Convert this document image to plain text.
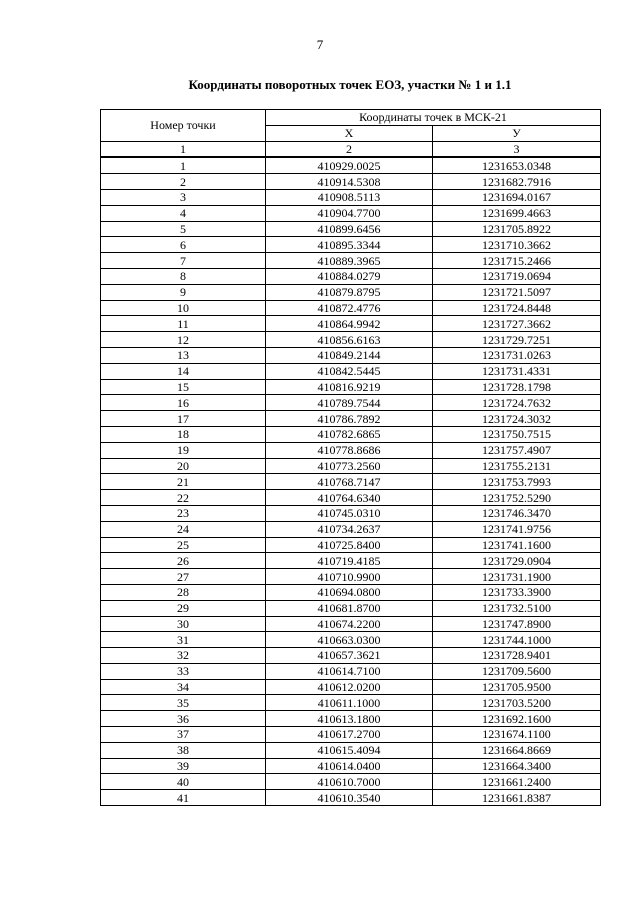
7
Координаты поворотных точек ЕОЗ, участки № 1 и 1.1
Номер точки	Координаты точек в МСК-21	
	X	У
1	2	3
1	410929.0025	1231653.0348
2	410914.5308	1231682.7916
3	410908.5113	1231694.0167
4	410904.7700	1231699.4663
5	410899.6456	1231705.8922
6	410895.3344	1231710.3662
7	410889.3965	1231715.2466
8	410884.0279	1231719.0694
9	410879.8795	1231721.5097
10	410872.4776	1231724.8448
11	410864.9942	1231727.3662
12	410856.6163	1231729.7251
13	410849.2144	1231731.0263
14	410842.5445	1231731.4331
15	410816.9219	1231728.1798
16	410789.7544	1231724.7632
17	410786.7892	1231724.3032
18	410782.6865	1231750.7515
19	410778.8686	1231757.4907
20	410773.2560	1231755.2131
21	410768.7147	1231753.7993
22	410764.6340	1231752.5290
23	410745.0310	1231746.3470
24	410734.2637	1231741.9756
25	410725.8400	1231741.1600
26	410719.4185	1231729.0904
27	410710.9900	1231731.1900
28	410694.0800	1231733.3900
29	410681.8700	1231732.5100
30	410674.2200	1231747.8900
31	410663.0300	1231744.1000
32	410657.3621	1231728.9401
33	410614.7100	1231709.5600
34	410612.0200	1231705.9500
35	410611.1000	1231703.5200
36	410613.1800	1231692.1600
37	410617.2700	1231674.1100
38	410615.4094	1231664.8669
39	410614.0400	1231664.3400
40	410610.7000	1231661.2400
41	410610.3540	1231661.8387
